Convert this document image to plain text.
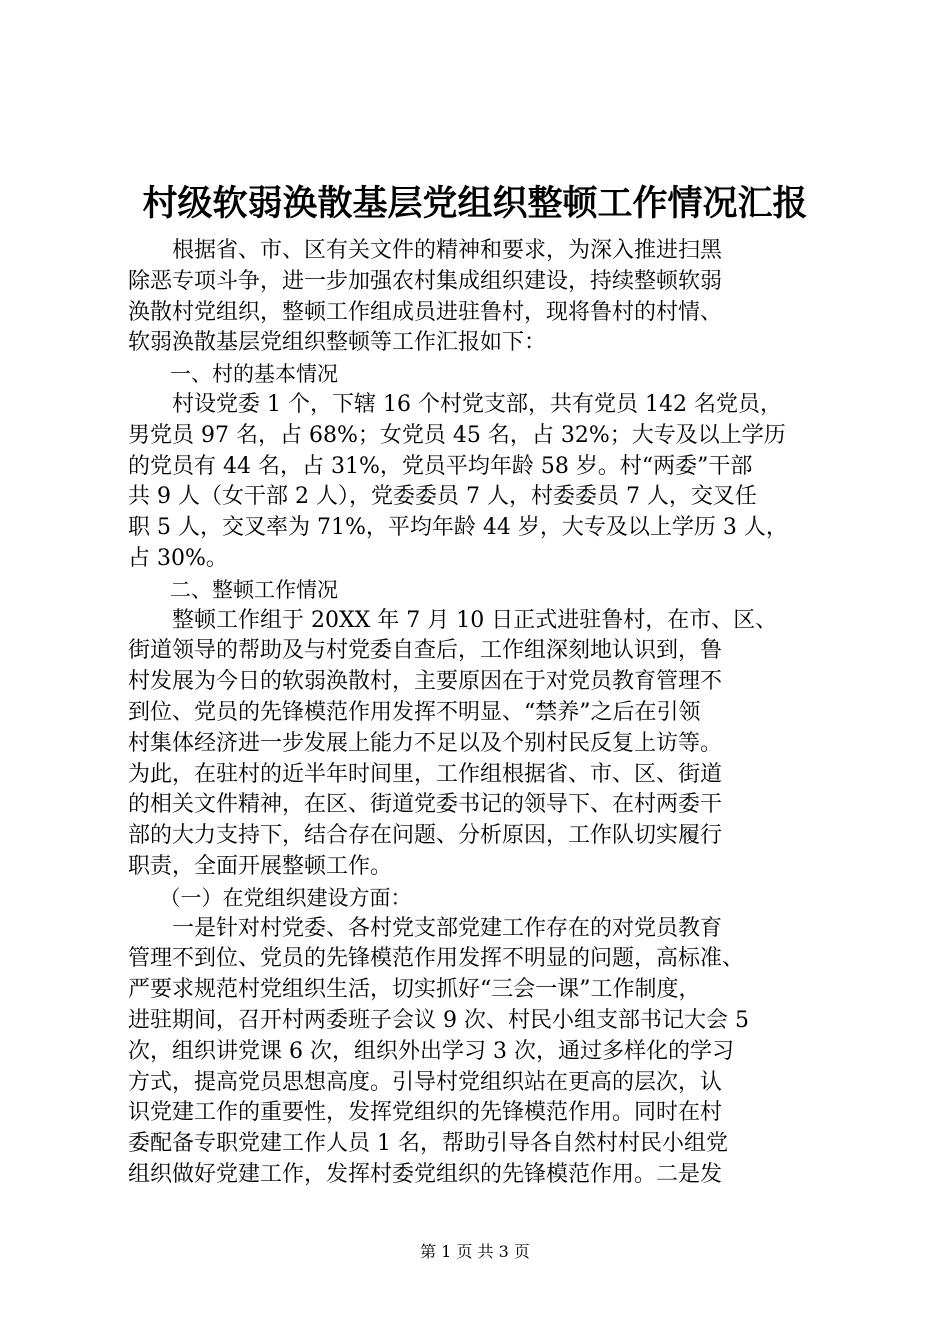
村级软弱涣散基层党组织整顿工作情况汇报
　　根据省、市、区有关文件的精神和要求，为深入推进扫黑
除恶专项斗争，进一步加强农村集成组织建设，持续整顿软弱
涣散村党组织，整顿工作组成员进驻鲁村，现将鲁村的村情、
软弱涣散基层党组织整顿等工作汇报如下：
　　一、村的基本情况
　　村设党委 1 个，下辖 16 个村党支部，共有党员 142 名党员，
男党员 97 名，占 68%；女党员 45 名，占 32%；大专及以上学历
的党员有 44 名，占 31%，党员平均年龄 58 岁。村“两委”干部
共 9 人（女干部 2 人），党委委员 7 人，村委委员 7 人，交叉任
职 5 人，交叉率为 71%，平均年龄 44 岁，大专及以上学历 3 人，
占 30%。
　　二、整顿工作情况
　　整顿工作组于 20XX 年 7 月 10 日正式进驻鲁村，在市、区、
街道领导的帮助及与村党委自查后，工作组深刻地认识到，鲁
村发展为今日的软弱涣散村，主要原因在于对党员教育管理不
到位、党员的先锋模范作用发挥不明显、“禁养”之后在引领
村集体经济进一步发展上能力不足以及个别村民反复上访等。
为此，在驻村的近半年时间里，工作组根据省、市、区、街道
的相关文件精神，在区、街道党委书记的领导下、在村两委干
部的大力支持下，结合存在问题、分析原因，工作队切实履行
职责，全面开展整顿工作。
　　（一）在党组织建设方面：
　　一是针对村党委、各村党支部党建工作存在的对党员教育
管理不到位、党员的先锋模范作用发挥不明显的问题，高标准、
严要求规范村党组织生活，切实抓好“三会一课”工作制度，
进驻期间，召开村两委班子会议 9 次、村民小组支部书记大会 5
次，组织讲党课 6 次，组织外出学习 3 次，通过多样化的学习
方式，提高党员思想高度。引导村党组织站在更高的层次，认
识党建工作的重要性，发挥党组织的先锋模范作用。同时在村
委配备专职党建工作人员 1 名，帮助引导各自然村村民小组党
组织做好党建工作，发挥村委党组织的先锋模范作用。二是发
第 1 页 共 3 页
